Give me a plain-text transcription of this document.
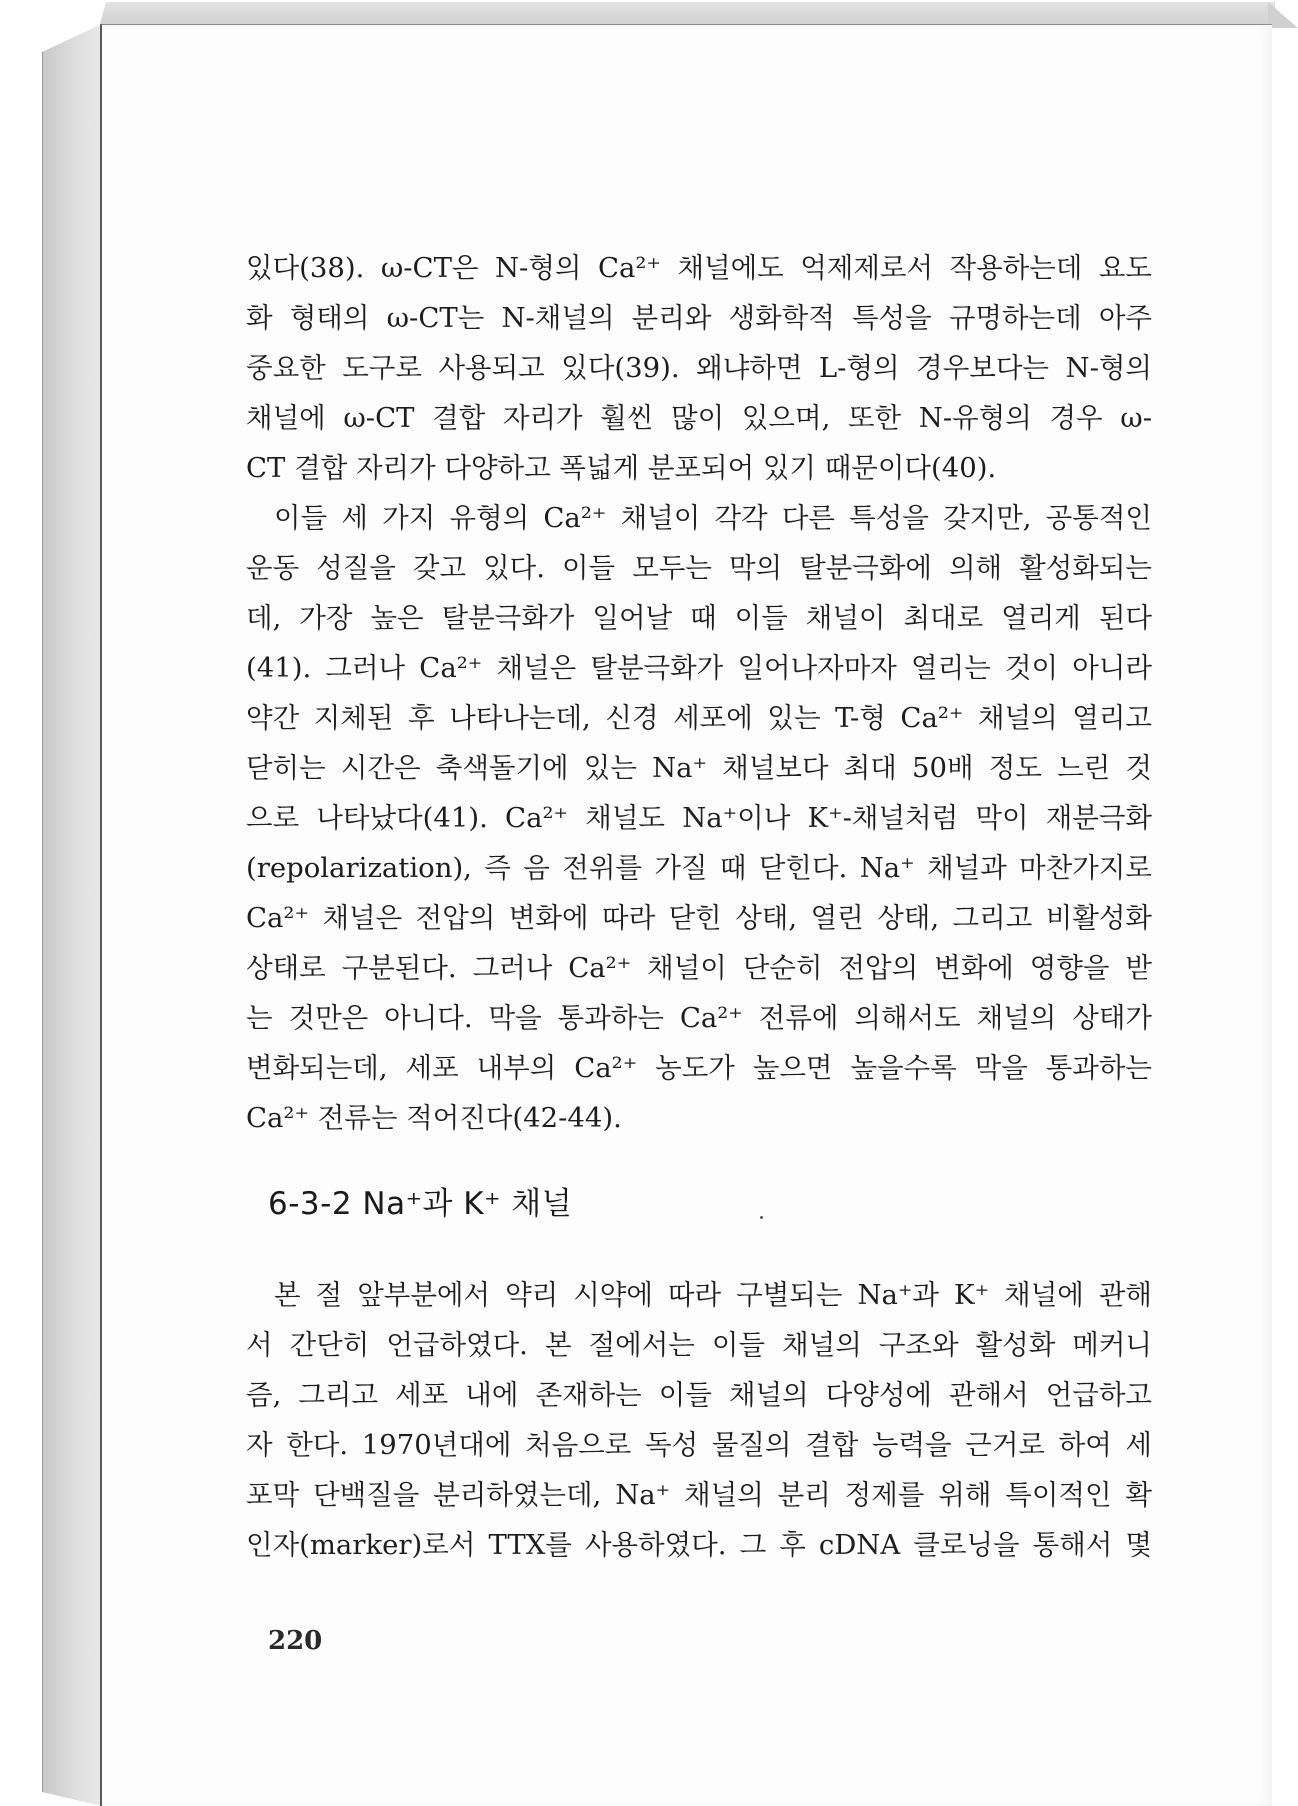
있다(38). ω-CT은 N-형의 Ca²⁺ 채널에도 억제제로서 작용하는데 요도
화 형태의 ω-CT는 N-채널의 분리와 생화학적 특성을 규명하는데 아주
중요한 도구로 사용되고 있다(39). 왜냐하면 L-형의 경우보다는 N-형의
채널에 ω-CT 결합 자리가 훨씬 많이 있으며, 또한 N-유형의 경우 ω-
CT 결합 자리가 다양하고 폭넓게 분포되어 있기 때문이다(40).
이들 세 가지 유형의 Ca²⁺ 채널이 각각 다른 특성을 갖지만, 공통적인
운동 성질을 갖고 있다. 이들 모두는 막의 탈분극화에 의해 활성화되는
데, 가장 높은 탈분극화가 일어날 때 이들 채널이 최대로 열리게 된다
(41). 그러나 Ca²⁺ 채널은 탈분극화가 일어나자마자 열리는 것이 아니라
약간 지체된 후 나타나는데, 신경 세포에 있는 T-형 Ca²⁺ 채널의 열리고
닫히는 시간은 축색돌기에 있는 Na⁺ 채널보다 최대 50배 정도 느린 것
으로 나타났다(41). Ca²⁺ 채널도 Na⁺이나 K⁺-채널처럼 막이 재분극화
(repolarization), 즉 음 전위를 가질 때 닫힌다. Na⁺ 채널과 마찬가지로
Ca²⁺ 채널은 전압의 변화에 따라 닫힌 상태, 열린 상태, 그리고 비활성화
상태로 구분된다. 그러나 Ca²⁺ 채널이 단순히 전압의 변화에 영향을 받
는 것만은 아니다. 막을 통과하는 Ca²⁺ 전류에 의해서도 채널의 상태가
변화되는데, 세포 내부의 Ca²⁺ 농도가 높으면 높을수록 막을 통과하는
Ca²⁺ 전류는 적어진다(42-44).
6-3-2 Na⁺과 K⁺ 채널
본 절 앞부분에서 약리 시약에 따라 구별되는 Na⁺과 K⁺ 채널에 관해
서 간단히 언급하였다. 본 절에서는 이들 채널의 구조와 활성화 메커니
즘, 그리고 세포 내에 존재하는 이들 채널의 다양성에 관해서 언급하고
자 한다. 1970년대에 처음으로 독성 물질의 결합 능력을 근거로 하여 세
포막 단백질을 분리하였는데, Na⁺ 채널의 분리 정제를 위해 특이적인 확
인자(marker)로서 TTX를 사용하였다. 그 후 cDNA 클로닝을 통해서 몇
220
